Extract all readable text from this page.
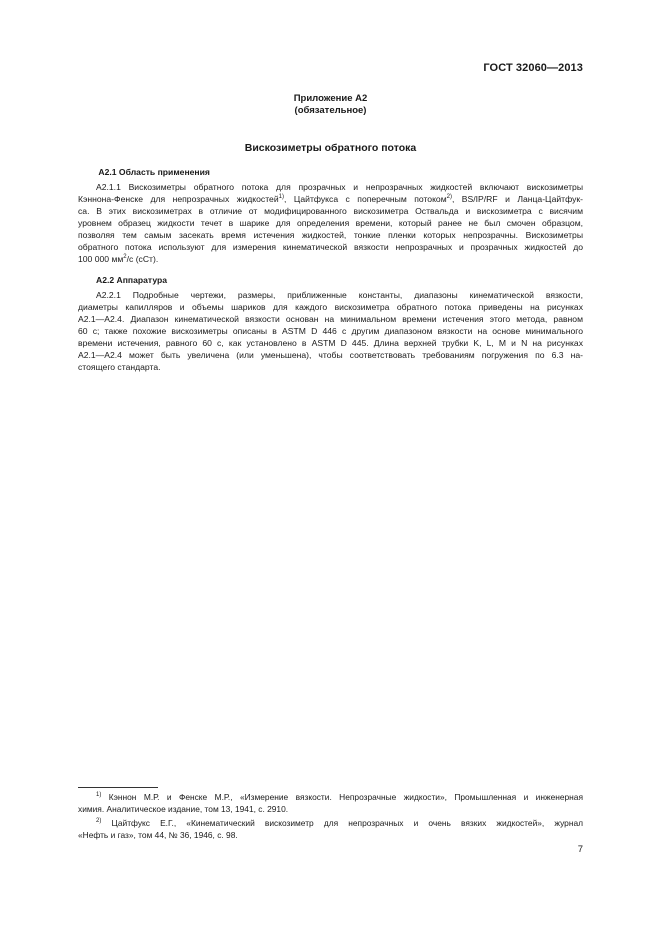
ГОСТ 32060—2013
Приложение А2
(обязательное)
Вискозиметры обратного потока
А2.1 Область применения
А2.1.1 Вискозиметры обратного потока для прозрачных и непрозрачных жидкостей включают вискозиметры
Кэннона-Фенске для непрозрачных жидкостей$^{1)}$, Цайтфукса с поперечным потоком$^{2)}$, BS/IP/RF и Ланца-Цайтфук-
са. В этих вискозиметрах в отличие от модифицированного вискозиметра Оствальда и вискозиметра с висячим
уровнем образец жидкости течет в шарике для определения времени, который ранее не был смочен образцом,
позволяя тем самым засекать время истечения жидкостей, тонкие пленки которых непрозрачны. Вискозиметры
обратного потока используют для измерения кинематической вязкости непрозрачных и прозрачных жидкостей до
100 000 $мм^2/с$ (сСт).
А2.2 Аппаратура
А2.2.1 Подробные чертежи, размеры, приближенные константы, диапазоны кинематической вязкости,
диаметры капилляров и объемы шариков для каждого вискозиметра обратного потока приведены на рисунках
А2.1—А2.4. Диапазон кинематической вязкости основан на минимальном времени истечения этого метода, равном
60 с; также похожие вискозиметры описаны в ASTM D 446 с другим диапазоном вязкости на основе минимального
времени истечения, равного 60 с, как установлено в ASTM D 445. Длина верхней трубки K, L, M и N на рисунках
А2.1—А2.4 может быть увеличена (или уменьшена), чтобы соответствовать требованиям погружения по 6.3 на-
стоящего стандарта.
$^{1)}$ Кэннон М.Р. и Фенске М.Р., «Измерение вязкости. Непрозрачные жидкости», Промышленная и инженерная
химия. Аналитическое издание, том 13, 1941, с. 2910.
$^{2)}$ Цайтфукс Е.Г., «Кинематический вискозиметр для непрозрачных и очень вязких жидкостей», журнал
«Нефть и газ», том 44, № 36, 1946, с. 98.
7
